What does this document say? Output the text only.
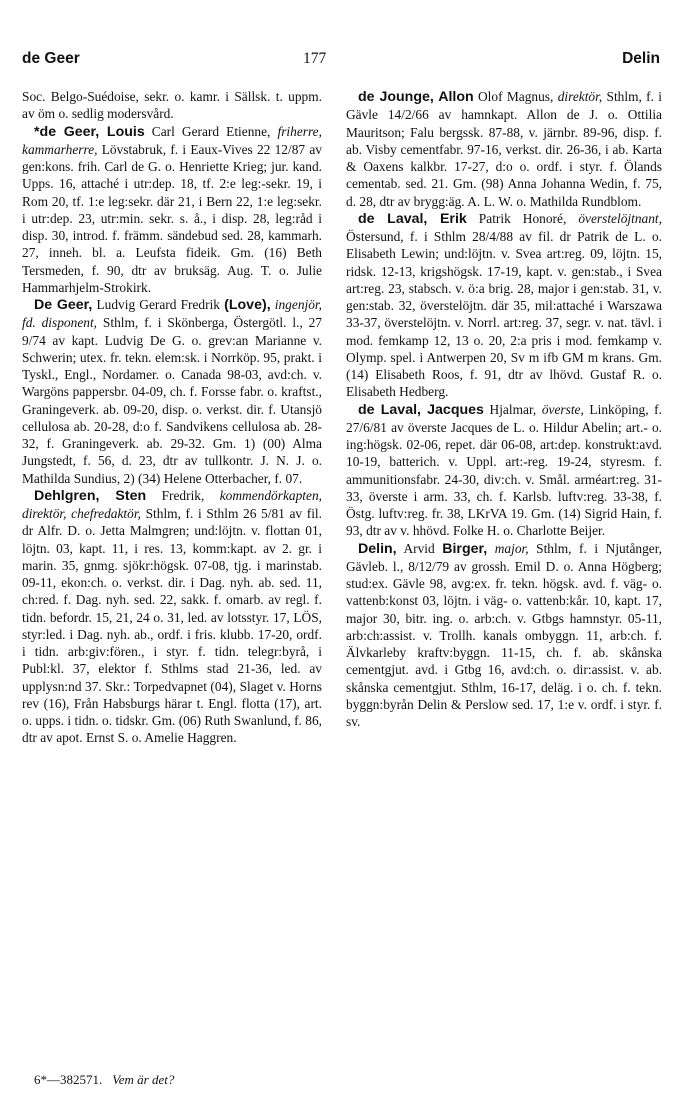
de Geer	177	Delin

Soc. Belgo-Suédoise, sekr. o. kamr. i Sällsk. t. uppm. av öm o. sedlig modersvård.

*de Geer, Louis Carl Gerard Etienne, friherre, kammarherre, Lövstabruk, f. i Eaux-Vives 22 12/87 av gen:kons. frih. Carl de G. o. Henriette Krieg; jur. kand. Upps. 16, attaché i utr:dep. 18, tf. 2:e leg:-sekr. 19, i Rom 20, tf. 1:e leg:sekr. där 21, i Bern 22, 1:e leg:sekr. i utr:dep. 23, utr:min. sekr. s. å., i disp. 28, leg:råd i disp. 30, introd. f. främm. sändebud sed. 28, kammarh. 27, inneh. bl. a. Leufsta fideik. Gm. (16) Beth Tersmeden, f. 90, dtr av bruksäg. Aug. T. o. Julie Hammarhjelm-Strokirk.

De Geer, Ludvig Gerard Fredrik (Love), ingenjör, fd. disponent, Sthlm, f. i Skönberga, Östergötl. l., 27 9/74 av kapt. Ludvig De G. o. grev:an Marianne v. Schwerin; utex. fr. tekn. elem:sk. i Norrköp. 95, prakt. i Tyskl., Engl., Nordamer. o. Canada 98-03, avd:ch. v. Wargöns pappersbr. 04-09, ch. f. Forsse fabr. o. kraftst., Graningeverk. ab. 09-20, disp. o. verkst. dir. f. Utansjö cellulosa ab. 20-28, d:o f. Sandvikens cellulosa ab. 28-32, f. Graningeverk. ab. 29-32. Gm. 1) (00) Alma Jungstedt, f. 56, d. 23, dtr av tullkontr. J. N. J. o. Mathilda Sundius, 2) (34) Helene Otterbacher, f. 07.

Dehlgren, Sten Fredrik, kommendörkapten, direktör, chefredaktör, Sthlm, f. i Sthlm 26 5/81 av fil. dr Alfr. D. o. Jetta Malmgren; und:löjtn. v. flottan 01, löjtn. 03, kapt. 11, i res. 13, komm:kapt. av 2. gr. i marin. 35, gnmg. sjökr:högsk. 07-08, tjg. i marinstab. 09-11, ekon:ch. o. verkst. dir. i Dag. nyh. ab. sed. 11, ch:red. f. Dag. nyh. sed. 22, sakk. f. omarb. av regl. f. tidn. befordr. 15, 21, 24 o. 31, led. av lotsstyr. 17, LÖS, styr:led. i Dag. nyh. ab., ordf. i fris. klubb. 17-20, ordf. i tidn. arb:giv:fören., i styr. f. tidn. telegr:byrå, i Publ:kl. 37, elektor f. Sthlms stad 21-36, led. av upplysn:nd 37. Skr.: Torpedvapnet (04), Slaget v. Horns rev (16), Från Habsburgs härar t. Engl. flotta (17), art. o. upps. i tidn. o. tidskr. Gm. (06) Ruth Swanlund, f. 86, dtr av apot. Ernst S. o. Amelie Haggren.

de Jounge, Allon Olof Magnus, direktör, Sthlm, f. i Gävle 14/2/66 av hamnkapt. Allon de J. o. Ottilia Mauritson; Falu bergssk. 87-88, v. järnbr. 89-96, disp. f. ab. Visby cementfabr. 97-16, verkst. dir. 26-36, i ab. Karta & Oaxens kalkbr. 17-27, d:o o. ordf. i styr. f. Ölands cementab. sed. 21. Gm. (98) Anna Johanna Wedin, f. 75, d. 28, dtr av brygg:äg. A. L. W. o. Mathilda Rundblom.

de Laval, Erik Patrik Honoré, överstelöjtnant, Östersund, f. i Sthlm 28/4/88 av fil. dr Patrik de L. o. Elisabeth Lewin; und:löjtn. v. Svea art:reg. 09, löjtn. 15, ridsk. 12-13, krigshögsk. 17-19, kapt. v. gen:stab., i Svea art:reg. 23, stabsch. v. ö:a brig. 28, major i gen:stab. 31, v. gen:stab. 32, överstelöjtn. där 35, mil:attaché i Warszawa 33-37, överstelöjtn. v. Norrl. art:reg. 37, segr. v. nat. tävl. i mod. femkamp 12, 13 o. 20, 2:a pris i mod. femkamp v. Olymp. spel. i Antwerpen 20, Sv m ifb GM m krans. Gm. (14) Elisabeth Roos, f. 91, dtr av lhövd. Gustaf R. o. Elisabeth Hedberg.

de Laval, Jacques Hjalmar, överste, Linköping, f. 27/6/81 av överste Jacques de L. o. Hildur Abelin; art.- o. ing:högsk. 02-06, repet. där 06-08, art:dep. konstrukt:avd. 10-19, batterich. v. Uppl. art:-reg. 19-24, styresm. f. ammunitionsfabr. 24-30, div:ch. v. Smål. arméart:reg. 31-33, överste i arm. 33, ch. f. Karlsb. luftv:reg. 33-38, f. Östg. luftv:reg. fr. 38, LKrVA 19. Gm. (14) Sigrid Hain, f. 93, dtr av v. hhövd. Folke H. o. Charlotte Beijer.

Delin, Arvid Birger, major, Sthlm, f. i Njutånger, Gävleb. l., 8/12/79 av grossh. Emil D. o. Anna Högberg; stud:ex. Gävle 98, avg:ex. fr. tekn. högsk. avd. f. väg- o. vattenb:konst 03, löjtn. i väg- o. vattenb:kår. 10, kapt. 17, major 30, bitr. ing. o. arb:ch. v. Gtbgs hamnstyr. 05-11, arb:ch:assist. v. Trollh. kanals ombyggn. 11, arb:ch. f. Älvkarleby kraftv:byggn. 11-15, ch. f. ab. skånska cementgjut. avd. i Gtbg 16, avd:ch. o. dir:assist. v. ab. skånska cementgjut. Sthlm, 16-17, deläg. i o. ch. f. tekn. byggn:byrån Delin & Perslow sed. 17, 1:e v. ordf. i styr. f. sv.

6*—382571. Vem är det?
